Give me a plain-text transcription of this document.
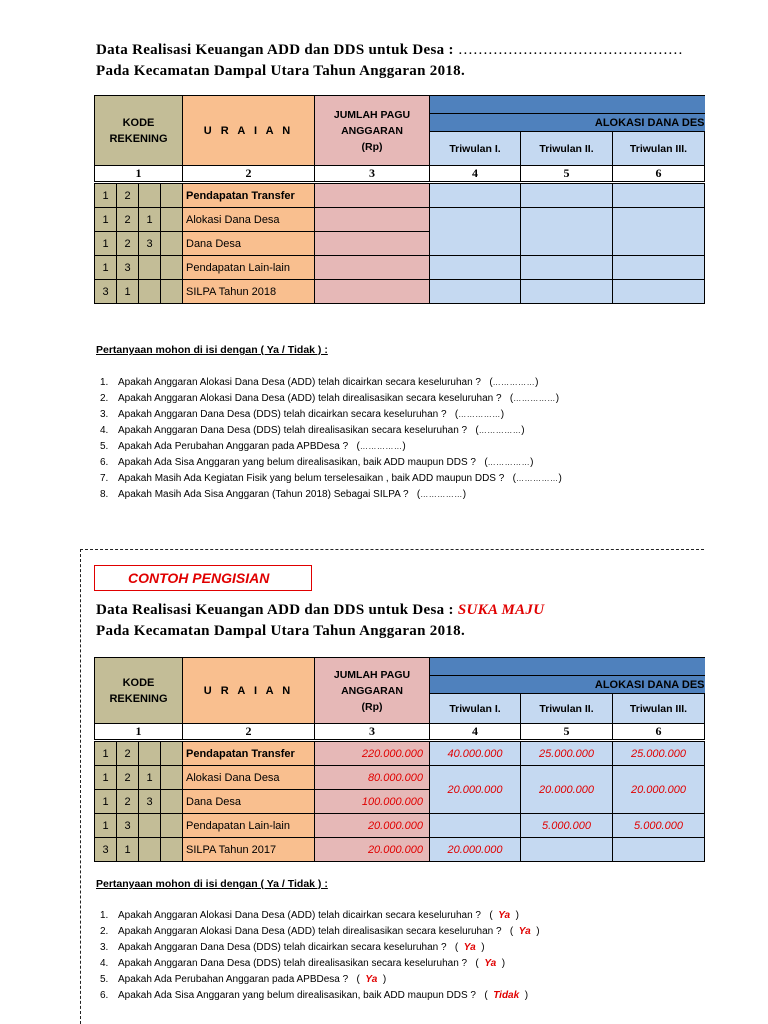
Data Realisasi Keuangan ADD dan DDS untuk Desa : ………………………………………
Pada Kecamatan Dampal Utara Tahun Anggaran 2018.
KODE REKENING				U R A I A N	JUMLAH PAGU ANGGARAN (Rp)			

						ALOKASI DANA DES		
						Triwulan I.	Triwulan II.	Triwulan III.
1				2	3	4	5	6
1	2			Pendapatan Transfer				
1	2	1		Alokasi Dana Desa				
1	2	3		Dana Desa				
1	3			Pendapatan Lain-lain				
3	1			SILPA Tahun 2018				
Pertanyaan mohon di isi dengan ( Ya / Tidak ) :
1. Apakah Anggaran Alokasi Dana Desa (ADD) telah dicairkan secara keseluruhan ?   (……………)
2. Apakah Anggaran Alokasi Dana Desa (ADD) telah direalisasikan secara keseluruhan ?   (……………)
3. Apakah Anggaran Dana Desa (DDS) telah dicairkan secara keseluruhan ?   (……………)
4. Apakah Anggaran Dana Desa (DDS) telah direalisasikan secara keseluruhan ?   (……………)
5. Apakah Ada Perubahan Anggaran pada APBDesa ?   (……………)
6. Apakah Ada Sisa Anggaran yang belum direalisasikan, baik ADD maupun DDS ?   (……………)
7. Apakah Masih Ada Kegiatan Fisik yang belum terselesaikan , baik ADD maupun DDS ?   (……………)
8. Apakah Masih Ada Sisa Anggaran (Tahun 2018) Sebagai SILPA ?   (……………)
CONTOH PENGISIAN
Data Realisasi Keuangan ADD dan DDS untuk Desa : SUKA MAJU
Pada Kecamatan Dampal Utara Tahun Anggaran 2018.
KODE REKENING				U R A I A N	JUMLAH PAGU ANGGARAN (Rp)			

						ALOKASI DANA DES		
						Triwulan I.	Triwulan II.	Triwulan III.
1				2	3	4	5	6
1	2			Pendapatan Transfer	220.000.000	40.000.000	25.000.000	25.000.000
1	2	1		Alokasi Dana Desa	80.000.000	20.000.000	20.000.000	20.000.000
1	2	3		Dana Desa	100.000.000			
1	3			Pendapatan Lain-lain	20.000.000		5.000.000	5.000.000
3	1			SILPA Tahun 2017	20.000.000	20.000.000		
Pertanyaan mohon di isi dengan ( Ya / Tidak ) :
1. Apakah Anggaran Alokasi Dana Desa (ADD) telah dicairkan secara keseluruhan ?   (  Ya  )
2. Apakah Anggaran Alokasi Dana Desa (ADD) telah direalisasikan secara keseluruhan ?   (  Ya  )
3. Apakah Anggaran Dana Desa (DDS) telah dicairkan secara keseluruhan ?   (  Ya  )
4. Apakah Anggaran Dana Desa (DDS) telah direalisasikan secara keseluruhan ?   (  Ya  )
5. Apakah Ada Perubahan Anggaran pada APBDesa ?   (  Ya  )
6. Apakah Ada Sisa Anggaran yang belum direalisasikan, baik ADD maupun DDS ?   (  Tidak  )
